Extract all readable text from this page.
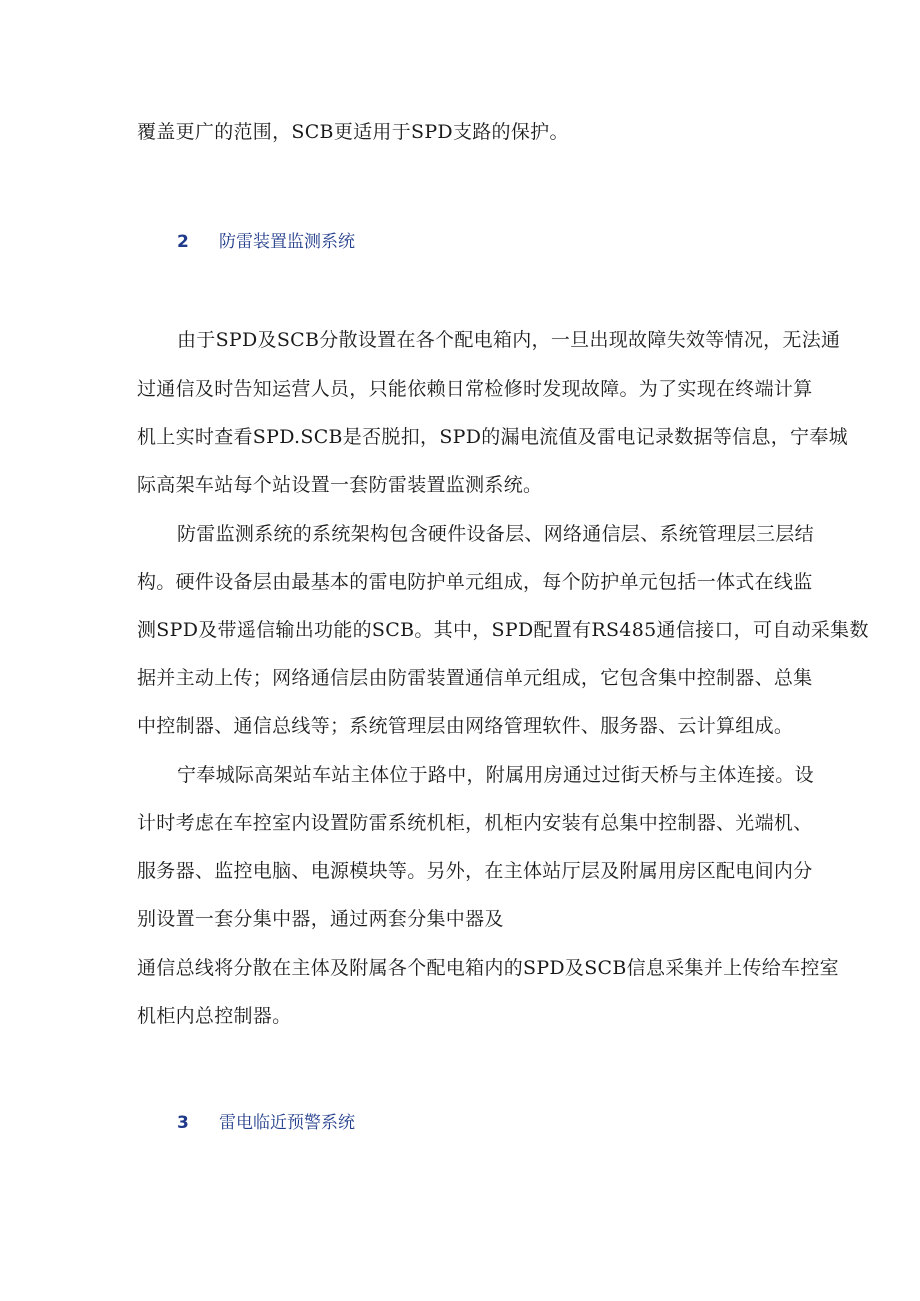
覆盖更广的范围，SCB更适用于SPD支路的保护。
2 防雷装置监测系统
由于SPD及SCB分散设置在各个配电箱内，一旦出现故障失效等情况，无法通
过通信及时告知运营人员，只能依赖日常检修时发现故障。为了实现在终端计算
机上实时查看SPD.SCB是否脱扣，SPD的漏电流值及雷电记录数据等信息，宁奉城
际高架车站每个站设置一套防雷装置监测系统。
防雷监测系统的系统架构包含硬件设备层、网络通信层、系统管理层三层结
构。硬件设备层由最基本的雷电防护单元组成，每个防护单元包括一体式在线监
测SPD及带遥信输出功能的SCB。其中，SPD配置有RS485通信接口，可自动采集数
据并主动上传；网络通信层由防雷装置通信单元组成，它包含集中控制器、总集
中控制器、通信总线等；系统管理层由网络管理软件、服务器、云计算组成。
宁奉城际高架站车站主体位于路中，附属用房通过过街天桥与主体连接。设
计时考虑在车控室内设置防雷系统机柜，机柜内安装有总集中控制器、光端机、
服务器、监控电脑、电源模块等。另外，在主体站厅层及附属用房区配电间内分
别设置一套分集中器，通过两套分集中器及
通信总线将分散在主体及附属各个配电箱内的SPD及SCB信息采集并上传给车控室
机柜内总控制器。
3 雷电临近预警系统
